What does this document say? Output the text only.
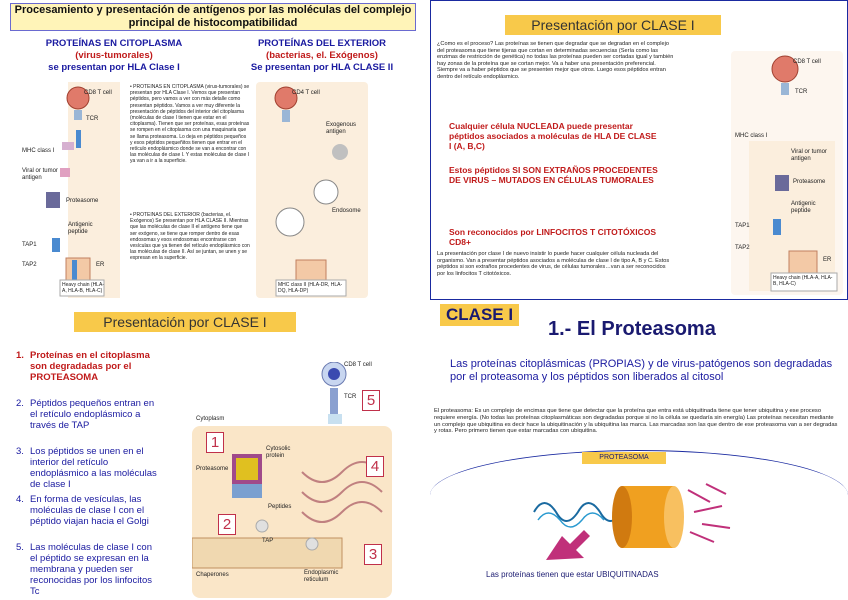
Procesamiento y presentación de antígenos por las moléculas del complejo principal de histocompatibilidad
PROTEÍNAS EN CITOPLASMA
(virus-tumorales)
se presentan por HLA Clase I
PROTEÍNAS DEL EXTERIOR
(bacterias, el. Exógenos)
Se presentan por HLA CLASE II
CD8 T cell
TCR
MHC class I
Viral or tumor antigen
Proteasome
Antigenic peptide
TAP1
TAP2	ER
Heavy chain (HLA-A, HLA-B, HLA-C)
• PROTEINAS EN CITOPLASMA (virus-tumorales) se presentan por HLA Clase I. Vemos que presentan péptidos, pero vamos a ver con más detalle como presentan péptidos. Vamos a ver muy diferente la presentación de péptidos del interior del citoplasma (moléculas de clase I tienen que estar en el citoplasma). Tienen que ser proteínas, esas proteínas se rompen en el citoplasma con una maquinaria que se llama proteasoma. Lo deja en péptidos pequeños y esos péptidos pequeñitos tienen que entrar en el retículo endoplásmico donde se van a encontrar con las moléculas de clase I. Y estas moléculas de clase I ya van a ir a la superficie.
• PROTEINAS DEL EXTERIOR (bacterias, el. Exógenos) Se presentan por HLA CLASE II. Mientras que las moléculas de clase II el antígeno tiene que ser exógeno, se tiene que romper dentro de esas endosomas y esos endosomas encontrarse con vesículas que ya tienen del retículo endoplásmico con las moléculas de clase II. Así se juntan, se unen y se expresan en la superficie.
CD4 T cell
Exogenous antigen
Endosome
MHC class II (HLA-DR, HLA-DQ, HLA-DP)
Presentación por CLASE I
¿Como es el proceso? Las proteínas se tienen que degradar que se degradan en el complejo del proteasoma que tiene tijeras que cortan en determinadas secuencias (Sería como las enzimas de restricción de genética) no todas las proteínas pueden ser cortadas igual y también hay zonas de la proteína que se cortan mejor. Va a haber una presentación preferencial. Siempre va a haber péptidos que se presenten mejor que otros. Luego esos péptidos entran dentro del retículo endoplásmico.
Cualquier célula NUCLEADA puede presentar péptidos asociados a moléculas de HLA DE CLASE I (A, B,C)
Estos péptidos SI SON EXTRAÑOS PROCEDENTES DE VIRUS – MUTADOS EN CÉLULAS TUMORALES
Son reconocidos por LINFOCITOS T CITOTÓXICOS CD8+
La presentación por clase I de nuevo insistir lo puede hacer cualquier célula nucleada del organismo. Van a presentar péptidos asociados a moléculas de clase I de tipo A, B y C. Estos péptidos si son extraños procedentes de virus, de células tumorales…van a ser reconocidos por los linfocitos T citotóxicos.
CD8 T cell
TCR
MHC class I
Viral or tumor antigen
Proteasome
Antigenic peptide
TAP1
TAP2
ER
Heavy chain (HLA-A, HLA-B, HLA-C)
Presentación por CLASE I
1. Proteínas en el citoplasma son degradadas por el PROTEASOMA
2. Péptidos pequeños entran en el retículo endoplásmico a través de TAP
3. Los péptidos se unen en el interior del retículo endoplásmico a las moléculas de clase I
4. En forma de vesículas, las moléculas de clase I con el péptido viajan hacia el Golgi
5. Las moléculas de clase I con el péptido se expresan en la membrana y pueden ser reconocidas por los linfocitos Tc
CD8 T cell
TCR
Cytoplasm
Proteasome
Cytosolic protein
Peptides
TAP
Chaperones	Endoplasmic reticulum
1
2
3
4
5
CLASE I
1.- El Proteasoma
Las proteínas citoplásmicas (PROPIAS) y de virus-patógenos son degradadas por el proteasoma y los péptidos son liberados al citosol
El proteasoma: Es un complejo de encimas que tiene que detectar que la proteína que entra está ubiquitinada tiene que tener ubiquitina y ese proceso requiere energía. (No todas las proteínas citoplasmáticas son degradadas porque si no la célula se quedaría sin energía) Las proteínas necesitan mediante un complejo que ubiquitina es decir hace la ubiquitinación y la ubiquitina las marca. Las marcadas son las que dentro de ese proteasoma van a ser degradas y rotas. Pero primero tienen que estar marcadas con ubiquitina.
PROTEASOMA
Las proteínas tienen que estar UBIQUITINADAS
